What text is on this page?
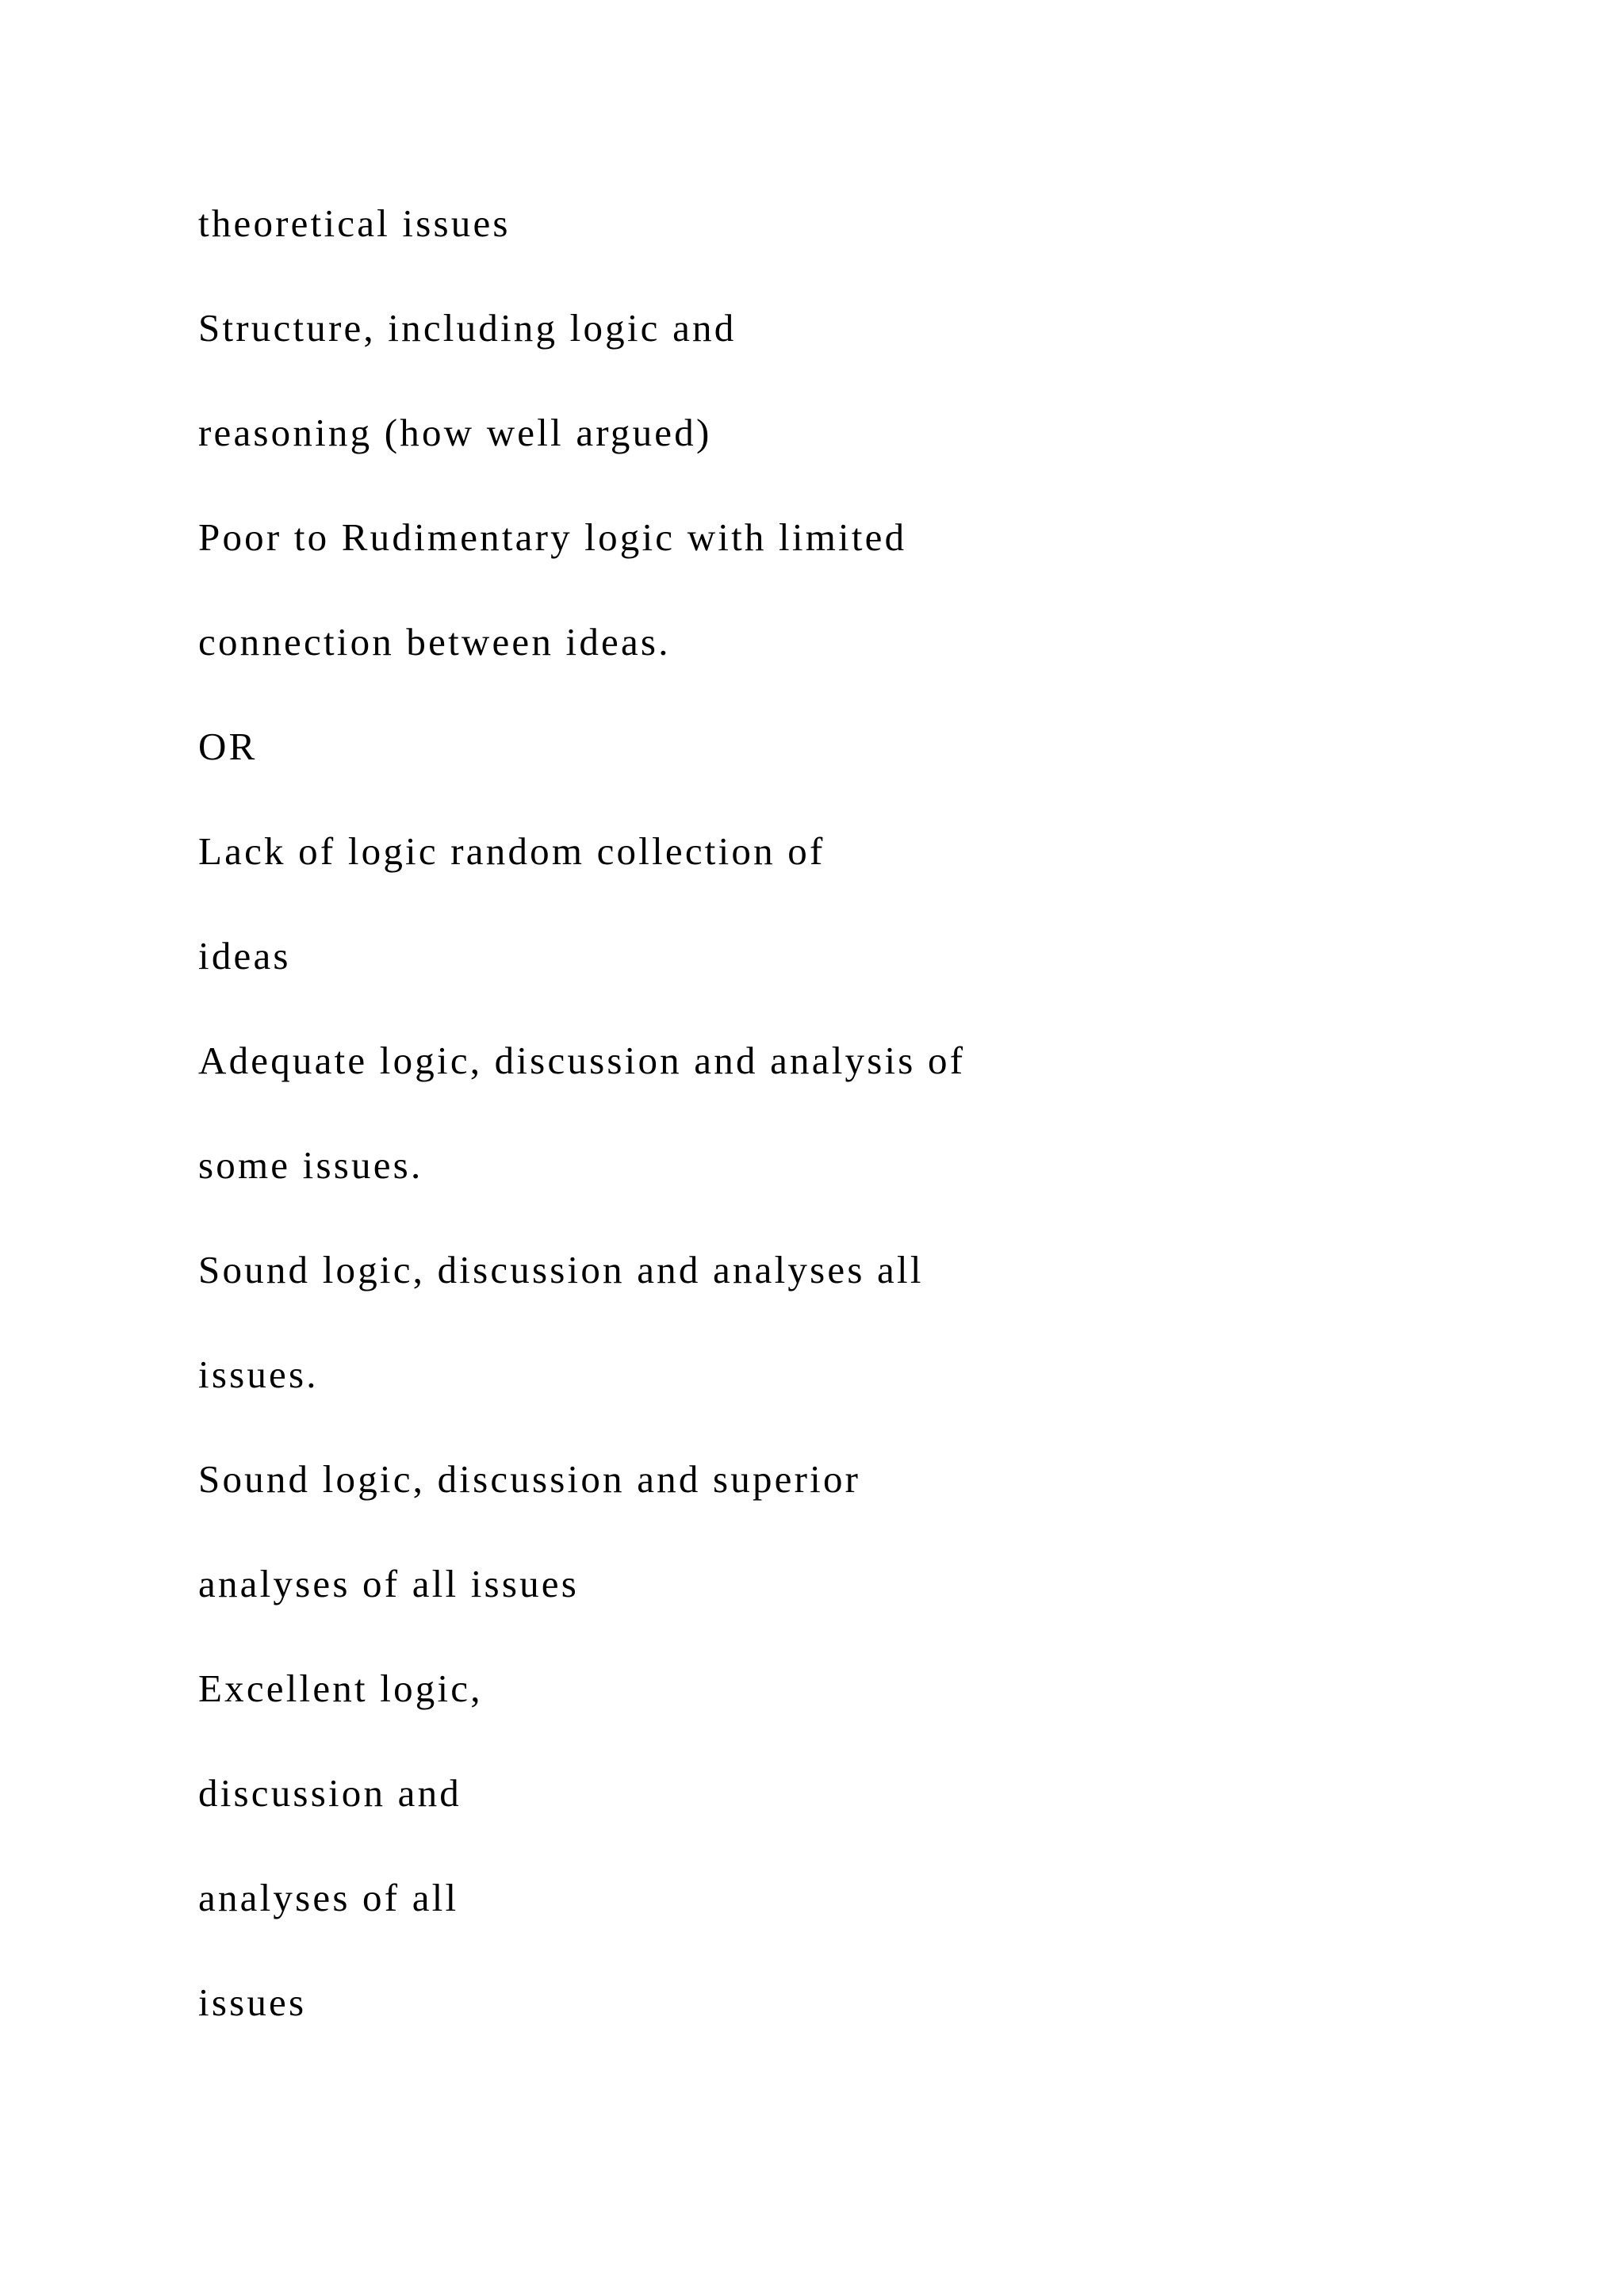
theoretical issues
Structure, including logic and
reasoning (how well argued)
Poor to Rudimentary logic with limited
connection between ideas.
OR
Lack of logic random collection of
ideas
Adequate logic, discussion and analysis of
some issues.
Sound logic, discussion and analyses all
issues.
Sound logic, discussion and superior
analyses of all issues
Excellent logic,
discussion and
analyses of all
issues
